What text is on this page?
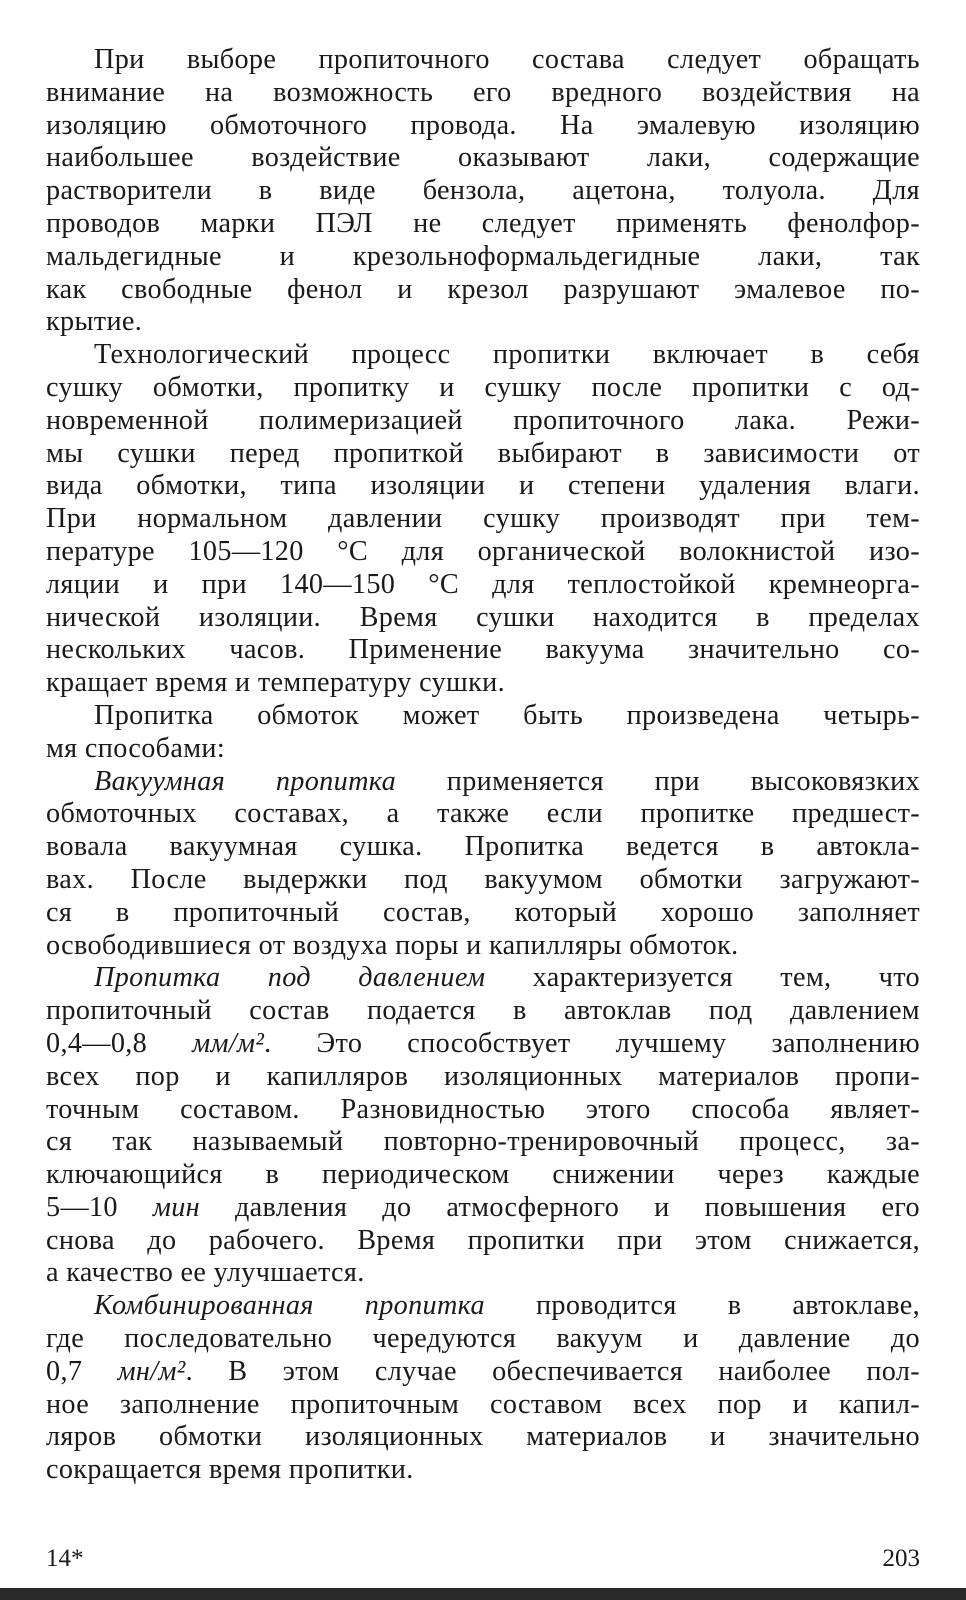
При выборе пропиточного состава следует обращать
внимание на возможность его вредного воздействия на
изоляцию обмоточного провода. На эмалевую изоляцию
наибольшее воздействие оказывают лаки, содержащие
растворители в виде бензола, ацетона, толуола. Для
проводов марки ПЭЛ не следует применять фенолфор-
мальдегидные и крезольноформальдегидные лаки, так
как свободные фенол и крезол разрушают эмалевое по-
крытие.
Технологический процесс пропитки включает в себя
сушку обмотки, пропитку и сушку после пропитки с од-
новременной полимеризацией пропиточного лака. Режи-
мы сушки перед пропиткой выбирают в зависимости от
вида обмотки, типа изоляции и степени удаления влаги.
При нормальном давлении сушку производят при тем-
пературе 105—120 °С для органической волокнистой изо-
ляции и при 140—150 °С для теплостойкой кремнеорга-
нической изоляции. Время сушки находится в пределах
нескольких часов. Применение вакуума значительно со-
кращает время и температуру сушки.
Пропитка обмоток может быть произведена четырь-
мя способами:
Вакуумная пропитка применяется при высоковязких
обмоточных составах, а также если пропитке предшест-
вовала вакуумная сушка. Пропитка ведется в автокла-
вах. После выдержки под вакуумом обмотки загружают-
ся в пропиточный состав, который хорошо заполняет
освободившиеся от воздуха поры и капилляры обмоток.
Пропитка под давлением характеризуется тем, что
пропиточный состав подается в автоклав под давлением
0,4—0,8 мм/м². Это способствует лучшему заполнению
всех пор и капилляров изоляционных материалов пропи-
точным составом. Разновидностью этого способа являет-
ся так называемый повторно-тренировочный процесс, за-
ключающийся в периодическом снижении через каждые
5—10 мин давления до атмосферного и повышения его
снова до рабочего. Время пропитки при этом снижается,
а качество ее улучшается.
Комбинированная пропитка проводится в автоклаве,
где последовательно чередуются вакуум и давление до
0,7 мн/м². В этом случае обеспечивается наиболее пол-
ное заполнение пропиточным составом всех пор и капил-
ляров обмотки изоляционных материалов и значительно
сокращается время пропитки.
14*	203
